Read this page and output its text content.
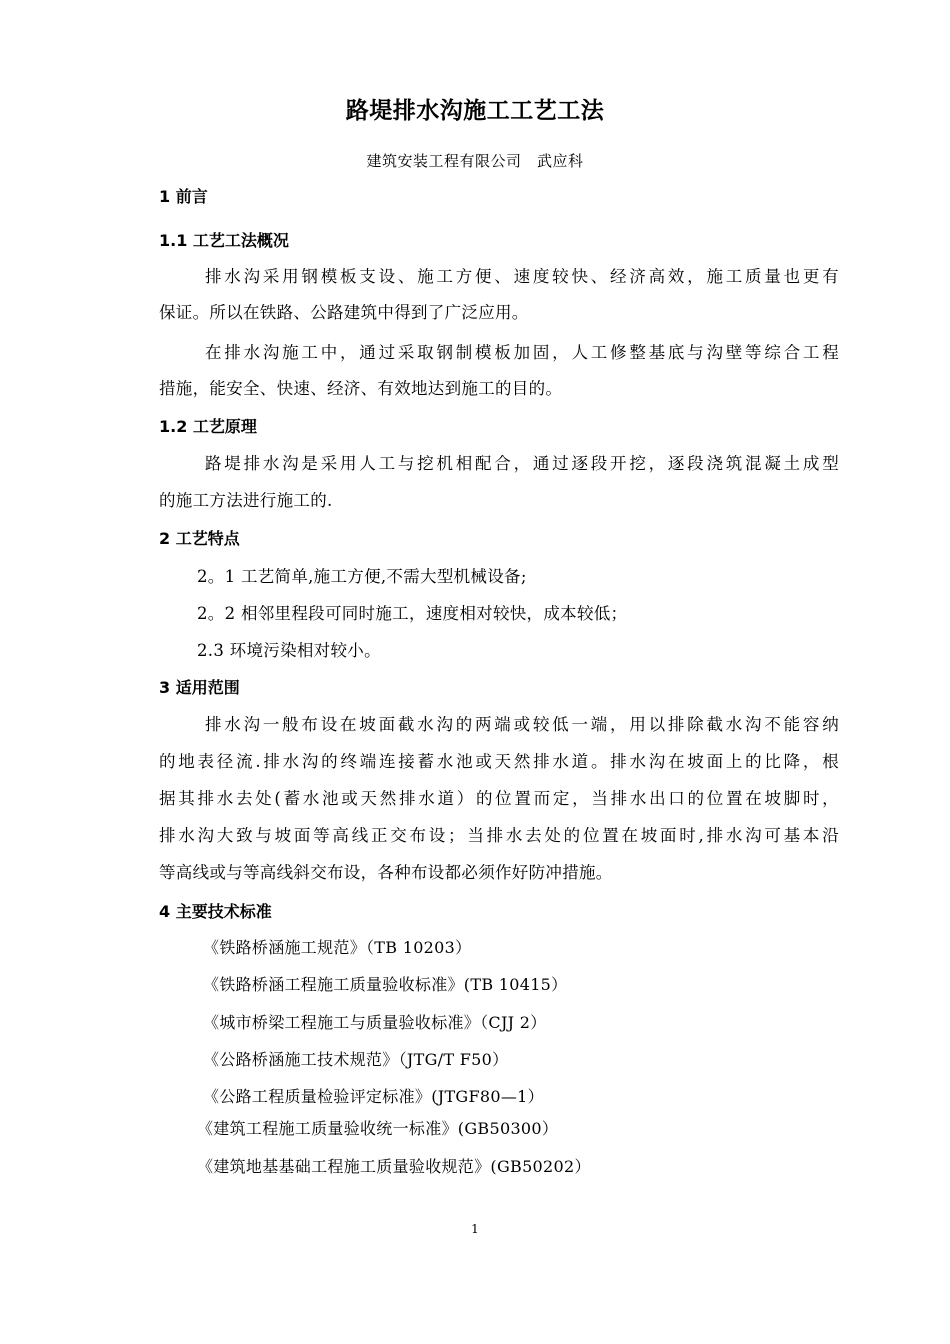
路堤排水沟施工工艺工法
建筑安装工程有限公司　武应科
1 前言
1.1 工艺工法概况
排水沟采用钢模板支设、施工方便、速度较快、经济高效，施工质量也更有
保证。所以在铁路、公路建筑中得到了广泛应用。
在排水沟施工中，通过采取钢制模板加固，人工修整基底与沟壁等综合工程
措施，能安全、快速、经济、有效地达到施工的目的。
1.2 工艺原理
路堤排水沟是采用人工与挖机相配合，通过逐段开挖，逐段浇筑混凝土成型
的施工方法进行施工的.
2 工艺特点
2。1 工艺简单,施工方便,不需大型机械设备;
2。2 相邻里程段可同时施工，速度相对较快，成本较低；
2.3 环境污染相对较小。
3 适用范围
排水沟一般布设在坡面截水沟的两端或较低一端，用以排除截水沟不能容纳
的地表径流.排水沟的终端连接蓄水池或天然排水道。排水沟在坡面上的比降，根
据其排水去处(蓄水池或天然排水道）的位置而定，当排水出口的位置在坡脚时，
排水沟大致与坡面等高线正交布设；当排水去处的位置在坡面时,排水沟可基本沿
等高线或与等高线斜交布设，各种布设都必须作好防冲措施。
4 主要技术标准
《铁路桥涵施工规范》（TB 10203）
《铁路桥涵工程施工质量验收标准》(TB 10415）
《城市桥梁工程施工与质量验收标准》（CJJ 2）
《公路桥涵施工技术规范》（JTG/T F50）
《公路工程质量检验评定标准》(JTGF80—1）
《建筑工程施工质量验收统一标准》(GB50300）
《建筑地基基础工程施工质量验收规范》(GB50202）
1
